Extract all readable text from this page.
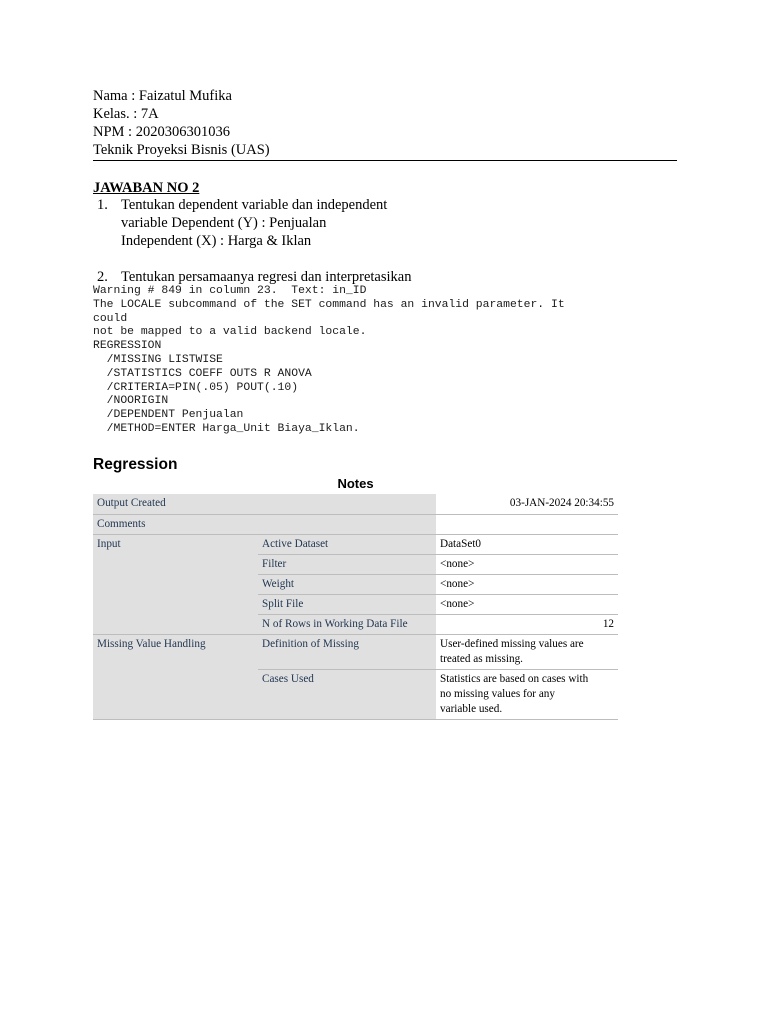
Nama : Faizatul Mufika
Kelas. : 7A
NPM : 2020306301036
Teknik Proyeksi Bisnis (UAS)
JAWABAN NO 2
1. Tentukan dependent variable dan independent
variable Dependent (Y) : Penjualan
Independent (X) : Harga & Iklan
2. Tentukan persamaanya regresi dan interpretasikan
Warning # 849 in column 23.  Text: in_ID
The LOCALE subcommand of the SET command has an invalid parameter. It
could
not be mapped to a valid backend locale.
REGRESSION
/MISSING LISTWISE
/STATISTICS COEFF OUTS R ANOVA
/CRITERIA=PIN(.05) POUT(.10)
/NOORIGIN
/DEPENDENT Penjualan
/METHOD=ENTER Harga_Unit Biaya_Iklan.
Regression
Notes
Output Created		03-JAN-2024 20:34:55
Comments		
Input	Active Dataset	DataSet0
	Filter	<none>
	Weight	<none>
	Split File	<none>
	N of Rows in Working Data File	12
Missing Value Handling	Definition of Missing	User-defined missing values are
treated as missing.
	Cases Used	Statistics are based on cases with
no missing values for any
variable used.
